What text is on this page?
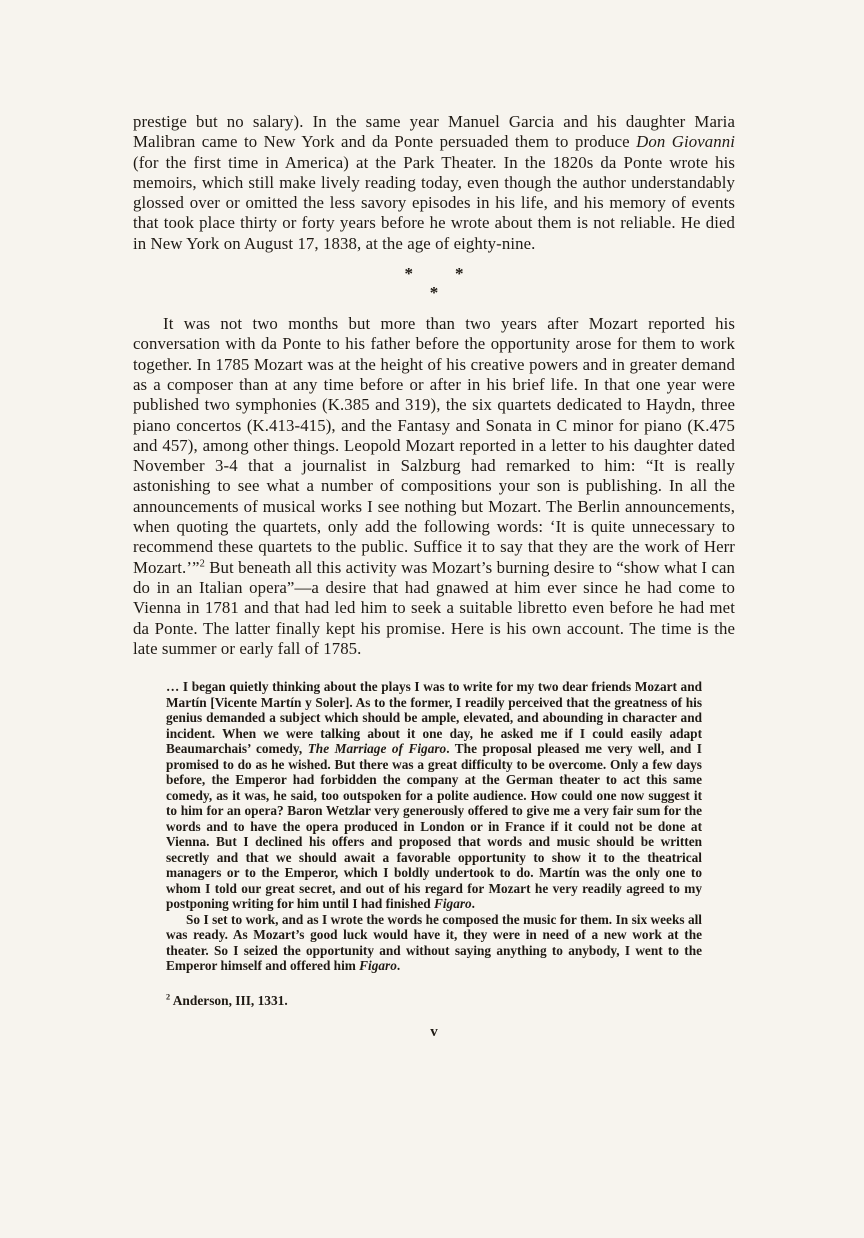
prestige but no salary). In the same year Manuel Garcia and his daughter Maria Malibran came to New York and da Ponte persuaded them to produce Don Giovanni (for the first time in America) at the Park Theater. In the 1820s da Ponte wrote his memoirs, which still make lively reading today, even though the author understandably glossed over or omitted the less savory episodes in his life, and his memory of events that took place thirty or forty years before he wrote about them is not reliable. He died in New York on August 17, 1838, at the age of eighty-nine.

* *
*

It was not two months but more than two years after Mozart reported his conversation with da Ponte to his father before the opportunity arose for them to work together. In 1785 Mozart was at the height of his creative powers and in greater demand as a composer than at any time before or after in his brief life. In that one year were published two symphonies (K.385 and 319), the six quartets dedicated to Haydn, three piano concertos (K.413-415), and the Fantasy and Sonata in C minor for piano (K.475 and 457), among other things. Leopold Mozart reported in a letter to his daughter dated November 3-4 that a journalist in Salzburg had remarked to him: “It is really astonishing to see what a number of compositions your son is publishing. In all the announcements of musical works I see nothing but Mozart. The Berlin announcements, when quoting the quartets, only add the following words: ‘It is quite unnecessary to recommend these quartets to the public. Suffice it to say that they are the work of Herr Mozart.’”$^2$ But beneath all this activity was Mozart’s burning desire to “show what I can do in an Italian opera”—a desire that had gnawed at him ever since he had come to Vienna in 1781 and that had led him to seek a suitable libretto even before he had met da Ponte. The latter finally kept his promise. Here is his own account. The time is the late summer or early fall of 1785.

… I began quietly thinking about the plays I was to write for my two dear friends Mozart and Martín [Vicente Martín y Soler]. As to the former, I readily perceived that the greatness of his genius demanded a subject which should be ample, elevated, and abounding in character and incident. When we were talking about it one day, he asked me if I could easily adapt Beaumarchais’ comedy, The Marriage of Figaro. The proposal pleased me very well, and I promised to do as he wished. But there was a great difficulty to be overcome. Only a few days before, the Emperor had forbidden the company at the German theater to act this same comedy, as it was, he said, too outspoken for a polite audience. How could one now suggest it to him for an opera? Baron Wetzlar very generously offered to give me a very fair sum for the words and to have the opera produced in London or in France if it could not be done at Vienna. But I declined his offers and proposed that words and music should be written secretly and that we should await a favorable opportunity to show it to the theatrical managers or to the Emperor, which I boldly undertook to do. Martín was the only one to whom I told our great secret, and out of his regard for Mozart he very readily agreed to my postponing writing for him until I had finished Figaro.

So I set to work, and as I wrote the words he composed the music for them. In six weeks all was ready. As Mozart’s good luck would have it, they were in need of a new work at the theater. So I seized the opportunity and without saying anything to anybody, I went to the Emperor himself and offered him Figaro.

$^2$ Anderson, III, 1331.

v
